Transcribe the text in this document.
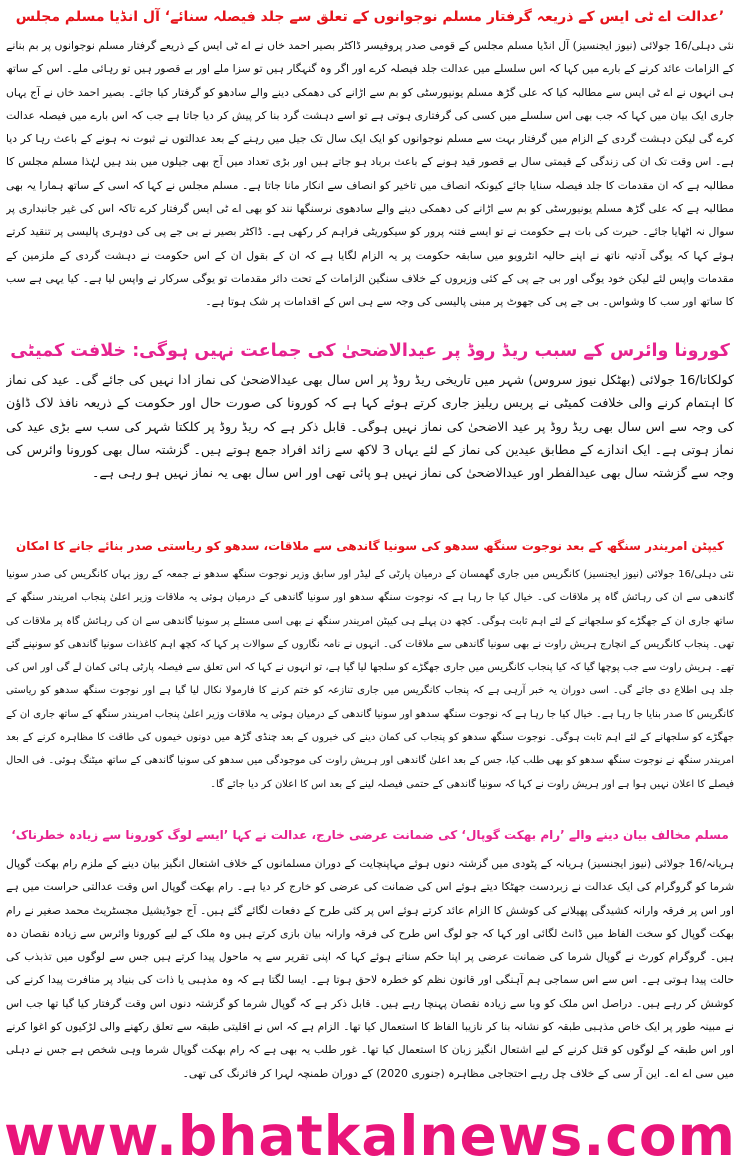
’عدالت اے ٹی ایس کے ذریعہ گرفتار مسلم نوجوانوں کے تعلق سے جلد فیصلہ سنائے‘ آل انڈیا مسلم مجلس
نئی دہلی/16 جولائی (نیوز ایجنسیز) آل انڈیا مسلم مجلس کے قومی صدر پروفیسر ڈاکٹر بصیر احمد خاں نے اے ٹی ایس کے ذریعے گرفتار مسلم نوجوانوں پر بم بنانے کے الزامات عائد کرنے کے بارے میں کہا کہ اس سلسلے میں عدالت جلد فیصلہ کرے اور اگر وہ گنہگار ہیں تو سزا ملے اور بے قصور ہیں تو رہائی ملے۔ اس کے ساتھ ہی انہوں نے اے ٹی ایس سے مطالبہ کیا کہ علی گڑھ مسلم یونیورسٹی کو بم سے اڑانے کی دھمکی دینے والے سادھو کو گرفتار کیا جائے۔ بصیر احمد خاں نے آج یہاں جاری ایک بیان میں کہا کہ جب بھی اس سلسلے میں کسی کی گرفتاری ہوتی ہے تو اسے دہشت گرد بنا کر پیش کر دیا جاتا ہے جب کہ اس بارے میں فیصلہ عدالت کرے گی لیکن دہشت گردی کے الزام میں گرفتار بہت سے مسلم نوجوانوں کو ایک ایک سال تک جیل میں رہنے کے بعد عدالتوں نے ثبوت نہ ہونے کے باعث رہا کر دیا ہے۔ اس وقت تک ان کی زندگی کے قیمتی سال بے قصور قید ہونے کے باعث برباد ہو جاتے ہیں اور بڑی تعداد میں آج بھی جیلوں میں بند ہیں لہٰذا مسلم مجلس کا مطالبہ ہے کہ ان مقدمات کا جلد فیصلہ سنایا جائے کیونکہ انصاف میں تاخیر کو انصاف سے انکار مانا جاتا ہے۔ مسلم مجلس نے کہا کہ اسی کے ساتھ ہمارا یہ بھی مطالبہ ہے کہ علی گڑھ مسلم یونیورسٹی کو بم سے اڑانے کی دھمکی دینے والے سادھوی نرسنگھا نند کو بھی اے ٹی ایس گرفتار کرے تاکہ اس کی غیر جانبداری پر سوال نہ اٹھایا جائے۔ حیرت کی بات ہے حکومت نے تو ایسے فتنہ پرور کو سیکوریٹی فراہم کر رکھی ہے۔ ڈاکٹر بصیر نے بی جے پی کی دوہری پالیسی پر تنقید کرتے ہوئے کہا کہ یوگی آدتیہ ناتھ نے اپنے حالیہ انٹرویو میں سابقہ حکومت پر یہ الزام لگایا ہے کہ ان کے بقول ان کے اس حکومت نے دہشت گردی کے ملزمین کے مقدمات واپس لئے لیکن خود یوگی اور بی جے پی کے کئی وزیروں کے خلاف سنگین الزامات کے تحت دائر مقدمات تو یوگی سرکار نے واپس لیا ہے۔ کیا یہی ہے سب کا ساتھ اور سب کا وشواس۔ بی جے پی کی جھوٹ پر مبنی پالیسی کی وجہ سے ہی اس کے اقدامات پر شک ہوتا ہے۔
کورونا وائرس کے سبب ریڈ روڈ پر عیدالاضحیٰ کی جماعت نہیں ہوگی: خلافت کمیٹی
کولکاتا/16 جولائی (بھٹکل نیوز سروس) شہر میں تاریخی ریڈ روڈ پر اس سال بھی عیدالاضحیٰ کی نماز ادا نہیں کی جائے گی۔ عید کی نماز کا اہتمام کرنے والی خلافت کمیٹی نے پریس ریلیز جاری کرتے ہوئے کہا ہے کہ کورونا کی صورت حال اور حکومت کے ذریعہ نافذ لاک ڈاؤن کی وجہ سے اس سال بھی ریڈ روڈ پر عید الاضحیٰ کی نماز نہیں ہوگی۔ قابل ذکر ہے کہ ریڈ روڈ پر کلکتا شہر کی سب سے بڑی عید کی نماز ہوتی ہے۔ ایک اندازے کے مطابق عیدین کی نماز کے لئے یہاں 3 لاکھ سے زائد افراد جمع ہوتے ہیں۔ گزشتہ سال بھی کورونا وائرس کی وجہ سے گزشتہ سال بھی عیدالفطر اور عیدالاضحیٰ کی نماز نہیں ہو پائی تھی اور اس سال بھی یہ نماز نہیں ہو رہی ہے۔
کیپٹن امریندر سنگھ کے بعد نوجوت سنگھ سدھو کی سونیا گاندھی سے ملاقات، سدھو کو ریاستی صدر بنائے جانے کا امکان
نئی دہلی/16 جولائی (نیوز ایجنسیز) کانگریس میں جاری گھمسان کے درمیان پارٹی کے لیڈر اور سابق وزیر نوجوت سنگھ سدھو نے جمعہ کے روز یہاں کانگریس کی صدر سونیا گاندھی سے ان کی رہائش گاہ پر ملاقات کی۔ خیال کیا جا رہا ہے کہ نوجوت سنگھ سدھو اور سونیا گاندھی کے درمیان ہوئی یہ ملاقات وزیر اعلیٰ پنجاب امریندر سنگھ کے ساتھ جاری ان کے جھگڑے کو سلجھانے کے لئے اہم ثابت ہوگی۔ کچھ دن پہلے ہی کیپٹن امریندر سنگھ نے بھی اسی مسئلے پر سونیا گاندھی سے ان کی رہائش گاہ پر ملاقات کی تھی۔ پنجاب کانگریس کے انچارج ہریش راوت نے بھی سونیا گاندھی سے ملاقات کی۔ انہوں نے نامہ نگاروں کے سوالات پر کہا کہ کچھ اہم کاغذات سونیا گاندھی کو سونپنے گئے تھے۔ ہریش راوت سے جب پوچھا گیا کہ کیا پنجاب کانگریس میں جاری جھگڑے کو سلجھا لیا گیا ہے، تو انہوں نے کہا کہ اس تعلق سے فیصلہ پارٹی ہائی کمان لے گی اور اس کی جلد ہی اطلاع دی جائے گی۔ اسی دوران یہ خبر آرہی ہے کہ پنجاب کانگریس میں جاری تنازعہ کو ختم کرنے کا فارمولا نکال لیا گیا ہے اور نوجوت سنگھ سدھو کو ریاستی کانگریس کا صدر بنایا جا رہا ہے۔ خیال کیا جا رہا ہے کہ نوجوت سنگھ سدھو اور سونیا گاندھی کے درمیان ہوئی یہ ملاقات وزیر اعلیٰ پنجاب امریندر سنگھ کے ساتھ جاری ان کے جھگڑے کو سلجھانے کے لئے اہم ثابت ہوگی۔ نوجوت سنگھ سدھو کو پنجاب کی کمان دینے کی خبروں کے بعد چنڈی گڑھ میں دونوں خیموں کی طاقت کا مظاہرہ کرنے کے بعد امریندر سنگھ نے نوجوت سنگھ سدھو کو بھی طلب کیا، جس کے بعد اعلیٰ گاندھی اور ہریش راوت کی موجودگی میں سدھو کی سونیا گاندھی کے ساتھ میٹنگ ہوئی۔ فی الحال فیصلے کا اعلان نہیں ہوا ہے اور ہریش راوت نے کہا کہ سونیا گاندھی کے حتمی فیصلہ لینے کے بعد اس کا اعلان کر دیا جائے گا۔
مسلم مخالف بیان دینے والے ’رام بھکت گوپال‘ کی ضمانت عرضی خارج، عدالت نے کہا ’ایسے لوگ کورونا سے زیادہ خطرناک‘
ہریانہ/16 جولائی (نیوز ایجنسیز) ہریانہ کے پٹودی میں گزشتہ دنوں ہوئے مہاپنچایت کے دوران مسلمانوں کے خلاف اشتعال انگیز بیان دینے کے ملزم رام بھکت گوپال شرما کو گروگرام کی ایک عدالت نے زبردست جھٹکا دیتے ہوئے اس کی ضمانت کی عرضی کو خارج کر دیا ہے۔ رام بھکت گوپال اس وقت عدالتی حراست میں ہے اور اس پر فرقہ وارانہ کشیدگی پھیلانے کی کوشش کا الزام عائد کرتے ہوئے اس پر کئی طرح کے دفعات لگائے گئے ہیں۔ آج جوڈیشیل مجسٹریٹ محمد صغیر نے رام بھکت گوپال کو سخت الفاظ میں ڈانٹ لگائی اور کہا کہ جو لوگ اس طرح کی فرقہ وارانہ بیان بازی کرتے ہیں وہ ملک کے لیے کورونا وائرس سے زیادہ نقصان دہ ہیں۔ گروگرام کورٹ نے گوپال شرما کی ضمانت عرضی پر اپنا حکم سناتے ہوئے کہا کہ اپنی تقریر سے یہ ماحول پیدا کرتے ہیں جس سے لوگوں میں تذبذب کی حالت پیدا ہوتی ہے۔ اس سے اس سماجی ہم آہنگی اور قانون نظم کو خطرہ لاحق ہوتا ہے۔ ایسا لگتا ہے کہ وہ مذہبی یا ذات کی بنیاد پر منافرت پیدا کرنے کی کوشش کر رہے ہیں۔ دراصل اس ملک کو وبا سے زیادہ نقصان پہنچا رہے ہیں۔ قابل ذکر ہے کہ گوپال شرما کو گزشتہ دنوں اس وقت گرفتار کیا گیا تھا جب اس نے مبینہ طور پر ایک خاص مذہبی طبقہ کو نشانہ بنا کر نازیبا الفاظ کا استعمال کیا تھا۔ الزام ہے کہ اس نے اقلیتی طبقہ سے تعلق رکھنے والی لڑکیوں کو اغوا کرنے اور اس طبقہ کے لوگوں کو قتل کرنے کے لیے اشتعال انگیز زبان کا استعمال کیا تھا۔ غور طلب یہ بھی ہے کہ رام بھکت گوپال شرما وہی شخص ہے جس نے دہلی میں سی اے اے۔ این آر سی کے خلاف چل رہے احتجاجی مظاہرہ (جنوری 2020) کے دوران طمنچہ لہرا کر فائرنگ کی تھی۔
www.bhatkalnews.com
